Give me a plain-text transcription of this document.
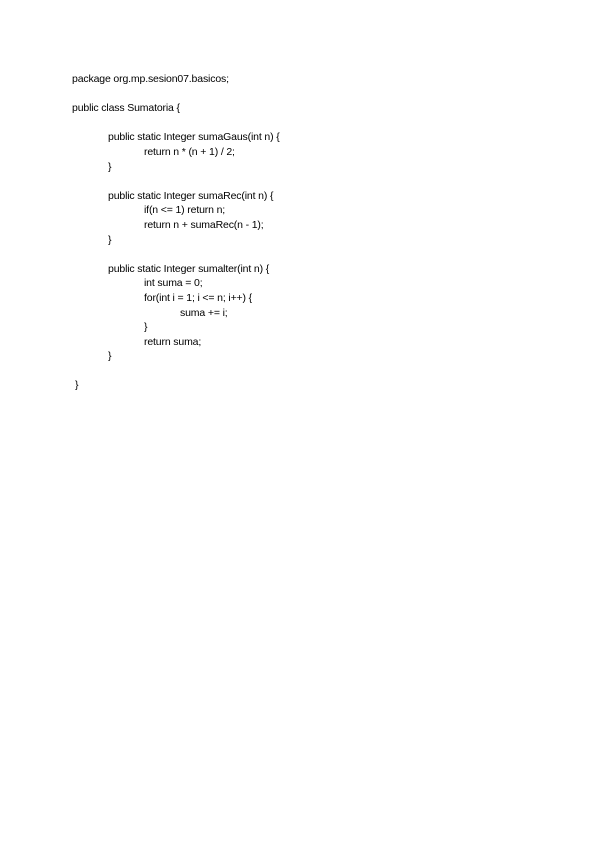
package org.mp.sesion07.basicos;
public class Sumatoria {
public static Integer sumaGaus(int n) {
return n * (n + 1) / 2;
}
public static Integer sumaRec(int n) {
if(n <= 1) return n;
return n + sumaRec(n - 1);
}
public static Integer sumalter(int n) {
int suma = 0;
for(int i = 1; i <= n; i++) {
suma += i;
}
return suma;
}
}
